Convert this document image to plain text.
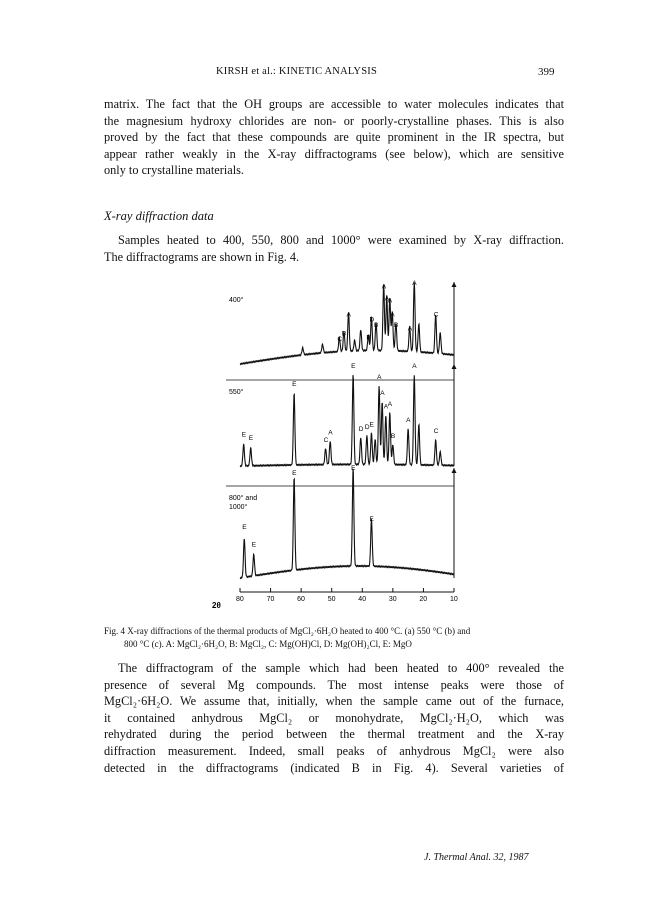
KIRSH et al.: KINETIC ANALYSIS	399
matrix. The fact that the OH groups are accessible to water molecules indicates that
the magnesium hydroxy chlorides are non- or poorly-crystalline phases. This is also
proved by the fact that these compounds are quite prominent in the IR spectra, but
appear rather weakly in the X-ray diffractograms (see below), which are sensitive
only to crystalline materials.
X-ray diffraction data
Samples heated to 400, 550, 800 and 1000° were examined by X-ray diffraction.
The diffractograms are shown in Fig. 4.
C
B
A
B
D
B
A
A
A
A
B A
A
C
E
E
E
C
A
E
D D E
A
A
A A
B
A
A
C
E
E
E
E
E
80	70	60	50	40	30	20	10
400°
550°
800° and
1000°
2θ
Fig. 4 X-ray diffractions of the thermal products of MgCl₂·6H₂O heated to 400 °C. (a) 550 °C (b) and
800 °C (c). A: MgCl₂·6H₂O, B: MgCl₂, C: Mg(OH)Cl, D: Mg(OH)₂Cl, E: MgO
The diffractogram of the sample which had been heated to 400° revealed the
presence of several Mg compounds. The most intense peaks were those of
MgCl₂·6H₂O. We assume that, initially, when the sample came out of the furnace,
it contained anhydrous MgCl₂ or monohydrate, MgCl₂·H₂O, which was
rehydrated during the period between the thermal treatment and the X-ray
diffraction measurement. Indeed, small peaks of anhydrous MgCl₂ were also
detected in the diffractograms (indicated B in Fig. 4). Several varieties of
J. Thermal Anal. 32, 1987
